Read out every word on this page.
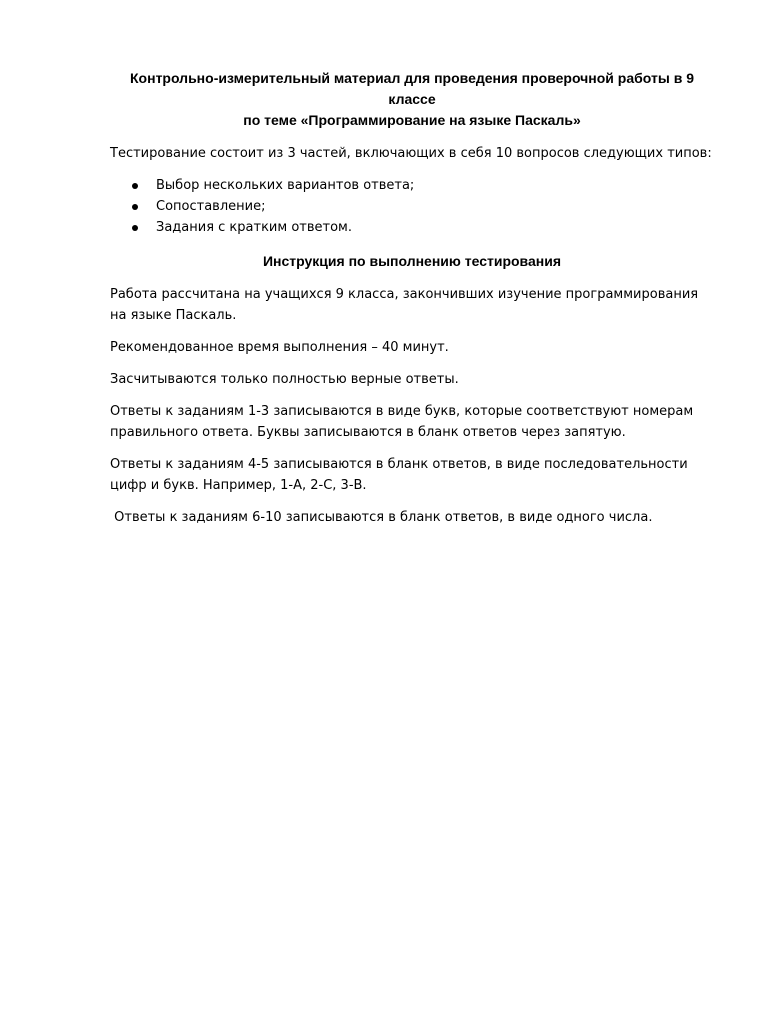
Контрольно-измерительный материал для проведения проверочной работы в 9 классе
по теме «Программирование на языке Паскаль»

Тестирование состоит из 3 частей, включающих в себя 10 вопросов следующих типов:

Выбор нескольких вариантов ответа;
Сопоставление;
Задания с кратким ответом.
Инструкция по выполнению тестирования

Работа рассчитана на учащихся 9 класса, закончивших изучение программирования на языке Паскаль.

Рекомендованное время выполнения – 40 минут.

Засчитываются только полностью верные ответы.

Ответы к заданиям 1-3 записываются в виде букв, которые соответствуют номерам правильного ответа. Буквы записываются в бланк ответов через запятую.

Ответы к заданиям 4-5 записываются в бланк ответов, в виде последовательности цифр и букв. Например, 1-А, 2-С, 3-В.

Ответы к заданиям 6-10 записываются в бланк ответов, в виде одного числа.
